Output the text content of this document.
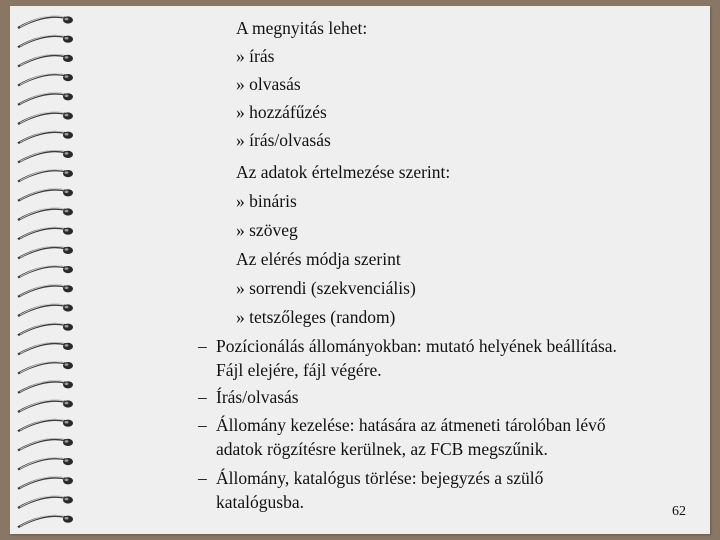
A megnyitás lehet:
» írás
» olvasás
» hozzáfűzés
» írás/olvasás
Az adatok értelmezése szerint:
» bináris
» szöveg
Az elérés módja szerint
» sorrendi (szekvenciális)
» tetszőleges (random)
– Pozícionálás állományokban: mutató helyének beállítása.
Fájl elejére, fájl végére.
– Írás/olvasás
– Állomány kezelése: hatására az átmeneti tárolóban lévő
adatok rögzítésre kerülnek, az FCB megszűnik.
– Állomány, katalógus törlése: bejegyzés a szülő
katalógusba.	62
